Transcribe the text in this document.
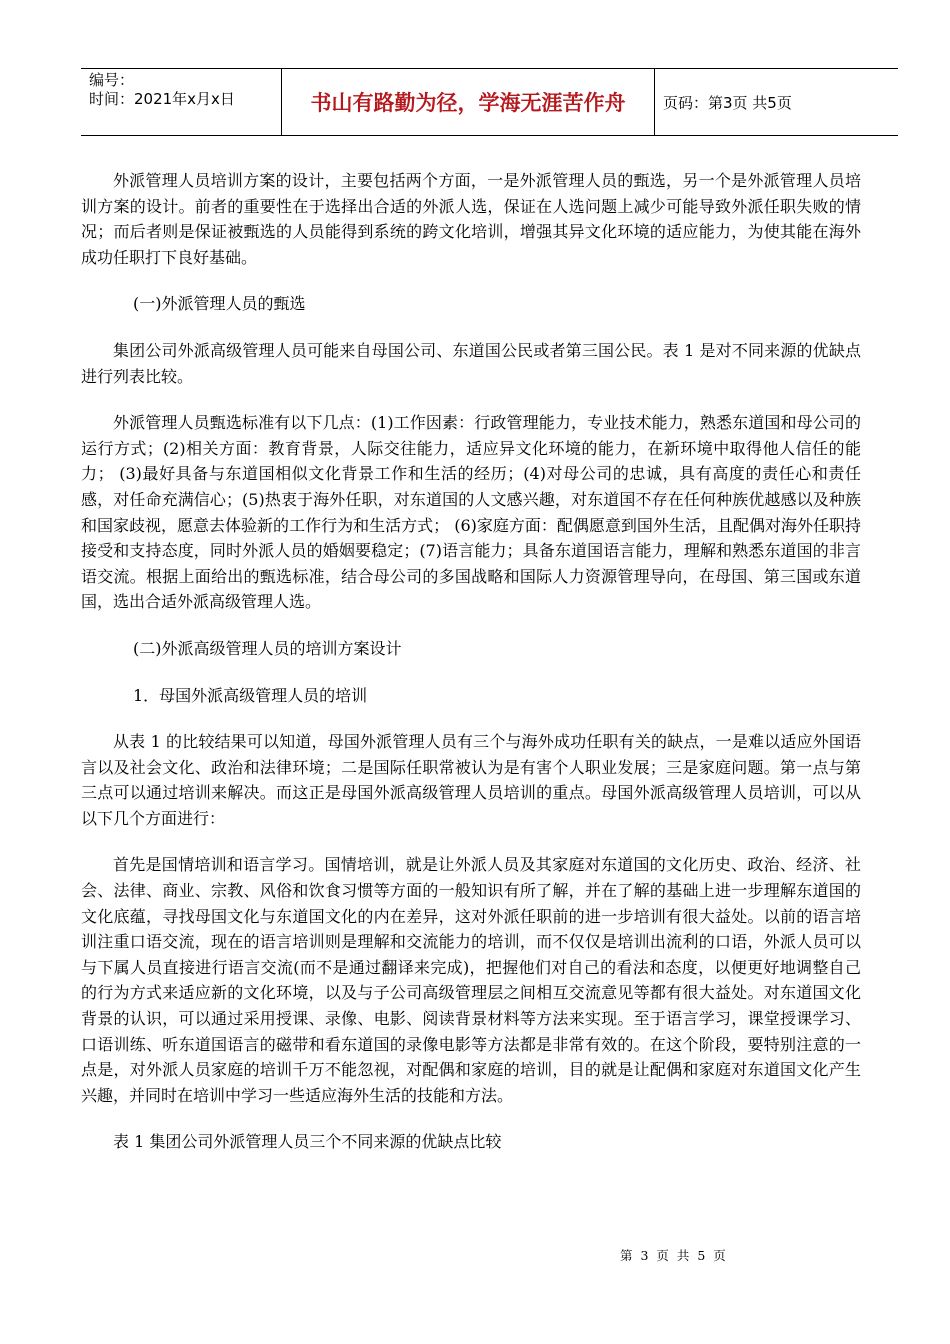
编号：
时间：2021年x月x日	书山有路勤为径，学海无涯苦作舟	页码：第3页 共5页

外派管理人员培训方案的设计，主要包括两个方面，一是外派管理人员的甄选，另一个是外派管理人员培训方案的设计。前者的重要性在于选择出合适的外派人选，保证在人选问题上减少可能导致外派任职失败的情况；而后者则是保证被甄选的人员能得到系统的跨文化培训，增强其异文化环境的适应能力，为使其能在海外成功任职打下良好基础。

(一)外派管理人员的甄选

集团公司外派高级管理人员可能来自母国公司、东道国公民或者第三国公民。表 1 是对不同来源的优缺点进行列表比较。

外派管理人员甄选标准有以下几点：(1)工作因素：行政管理能力，专业技术能力，熟悉东道国和母公司的运行方式；(2)相关方面：教育背景，人际交往能力，适应异文化环境的能力，在新环境中取得他人信任的能力； (3)最好具备与东道国相似文化背景工作和生活的经历；(4)对母公司的忠诚，具有高度的责任心和责任感，对任命充满信心；(5)热衷于海外任职，对东道国的人文感兴趣，对东道国不存在任何种族优越感以及种族和国家歧视，愿意去体验新的工作行为和生活方式； (6)家庭方面：配偶愿意到国外生活，且配偶对海外任职持接受和支持态度，同时外派人员的婚姻要稳定；(7)语言能力；具备东道国语言能力，理解和熟悉东道国的非言语交流。根据上面给出的甄选标准，结合母公司的多国战略和国际人力资源管理导向，在母国、第三国或东道国，选出合适外派高级管理人选。

(二)外派高级管理人员的培训方案设计

1．母国外派高级管理人员的培训

从表 1 的比较结果可以知道，母国外派管理人员有三个与海外成功任职有关的缺点，一是难以适应外国语言以及社会文化、政治和法律环境；二是国际任职常被认为是有害个人职业发展；三是家庭问题。第一点与第三点可以通过培训来解决。而这正是母国外派高级管理人员培训的重点。母国外派高级管理人员培训，可以从以下几个方面进行：

首先是国情培训和语言学习。国情培训，就是让外派人员及其家庭对东道国的文化历史、政治、经济、社会、法律、商业、宗教、风俗和饮食习惯等方面的一般知识有所了解，并在了解的基础上进一步理解东道国的文化底蕴，寻找母国文化与东道国文化的内在差异，这对外派任职前的进一步培训有很大益处。以前的语言培训注重口语交流，现在的语言培训则是理解和交流能力的培训，而不仅仅是培训出流利的口语，外派人员可以与下属人员直接进行语言交流(而不是通过翻译来完成)，把握他们对自己的看法和态度，以便更好地调整自己的行为方式来适应新的文化环境，以及与子公司高级管理层之间相互交流意见等都有很大益处。对东道国文化背景的认识，可以通过采用授课、录像、电影、阅读背景材料等方法来实现。至于语言学习，课堂授课学习、口语训练、听东道国语言的磁带和看东道国的录像电影等方法都是非常有效的。在这个阶段，要特别注意的一点是，对外派人员家庭的培训千万不能忽视，对配偶和家庭的培训，目的就是让配偶和家庭对东道国文化产生兴趣，并同时在培训中学习一些适应海外生活的技能和方法。

表 1 集团公司外派管理人员三个不同来源的优缺点比较

第 3 页 共 5 页
